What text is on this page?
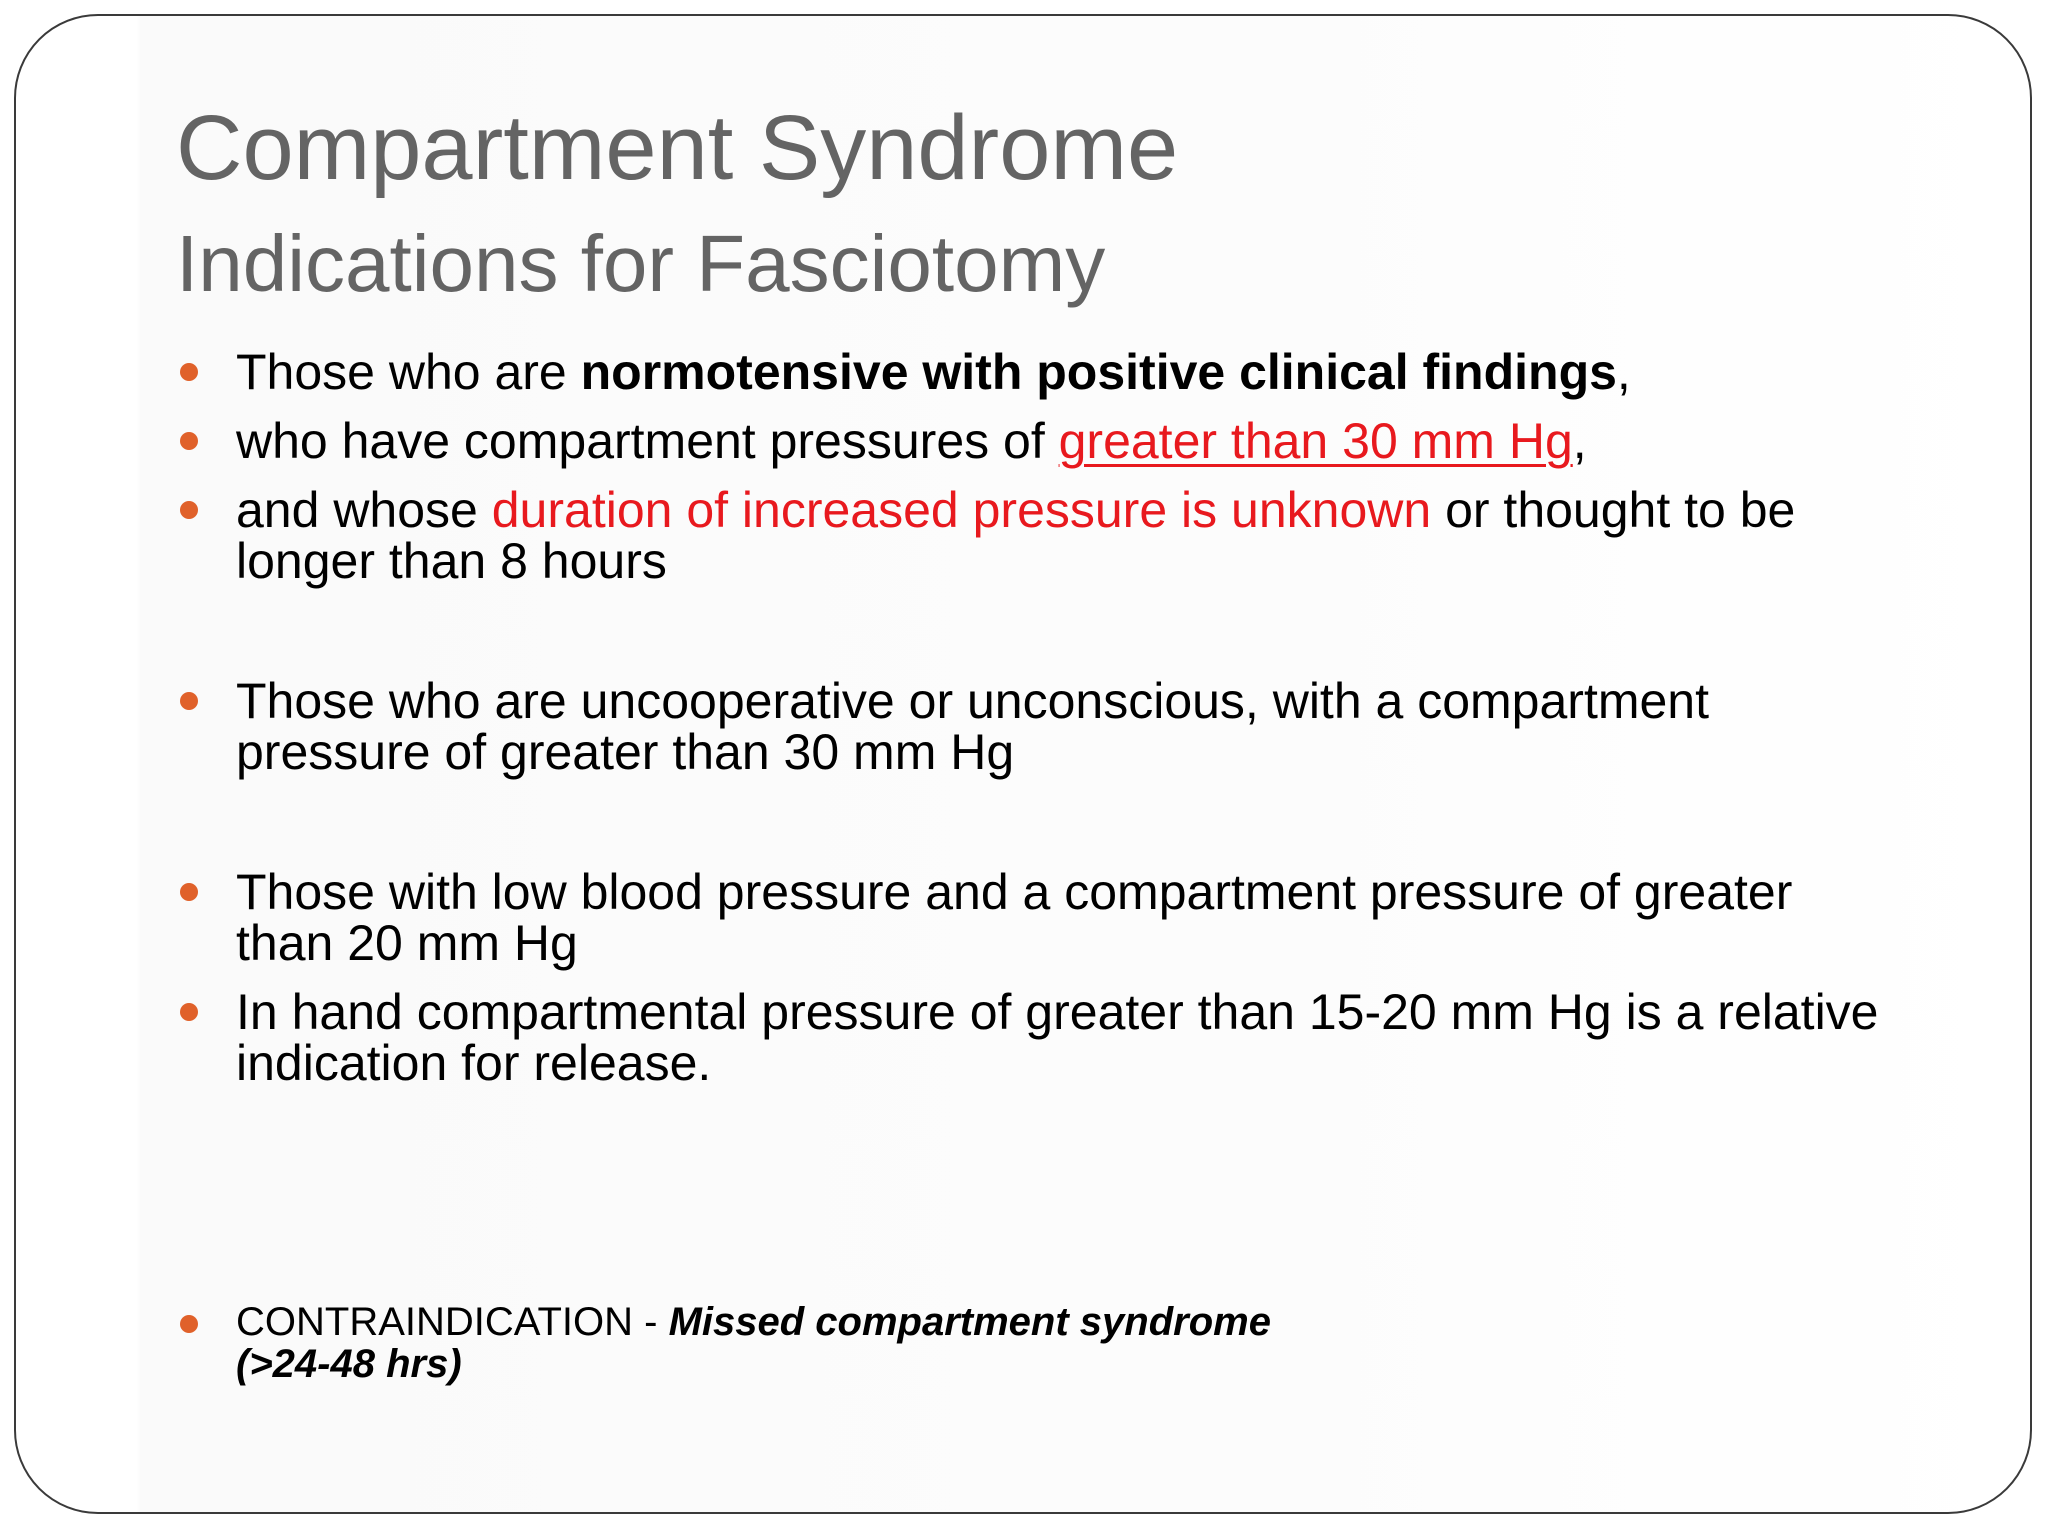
Compartment Syndrome
Indications for Fasciotomy
Those who are normotensive with positive clinical findings,
who have compartment pressures of greater than 30 mm Hg,
and whose duration of increased pressure is unknown or thought to be longer than 8 hours
Those who are uncooperative or unconscious, with a compartment pressure of greater than 30 mm Hg
Those with low blood pressure and a compartment pressure of greater than 20 mm Hg
In hand compartmental pressure of greater than 15-20 mm Hg is a relative indication for release.
CONTRAINDICATION - Missed compartment syndrome (>24-48 hrs)
